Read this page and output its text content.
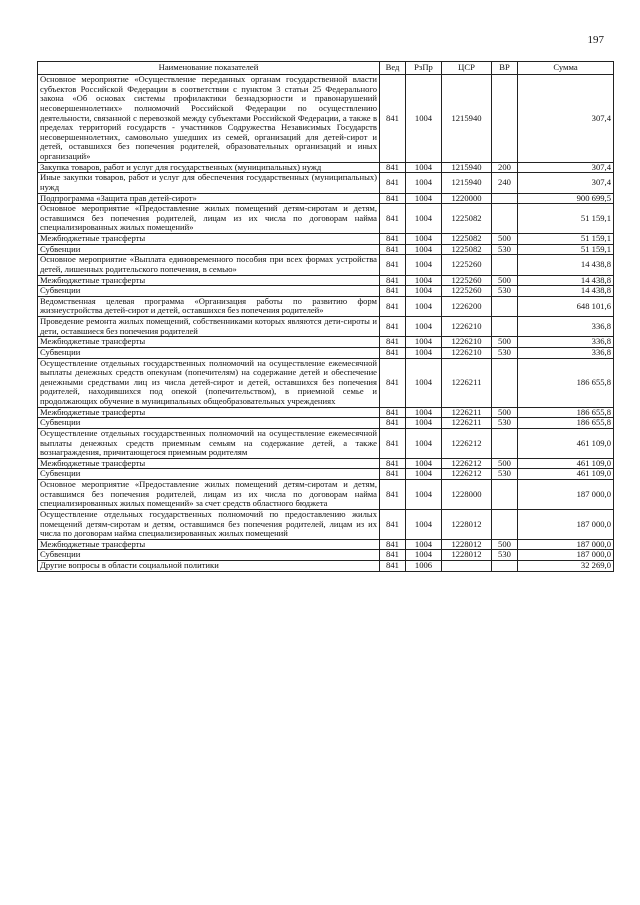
197
Наименование показателей	Вед	РзПр	ЦСР	ВР	Сумма
Основное мероприятие «Осуществление переданных органам государственной власти субъектов Российской Федерации в соответствии с пунктом 3 статьи 25 Федерального закона «Об основах системы профилактики безнадзорности и правонарушений несовершеннолетних» полномочий Российской Федерации по осуществлению деятельности, связанной с перевозкой между субъектами Российской Федерации, а также в пределах территорий государств - участников Содружества Независимых Государств несовершеннолетних, самовольно ушедших из семей, организаций для детей-сирот и детей, оставшихся без попечения родителей, образовательных организаций и иных организаций»	841	1004	1215940		307,4
Закупка товаров, работ и услуг для государственных (муниципальных) нужд	841	1004	1215940	200	307,4
Иные закупки товаров, работ и услуг для обеспечения государственных (муниципальных) нужд	841	1004	1215940	240	307,4
Подпрограмма «Защита прав детей-сирот»	841	1004	1220000		900 699,5
Основное мероприятие «Предоставление жилых помещений детям-сиротам и детям, оставшимся без попечения родителей, лицам из их числа по договорам найма специализированных жилых помещений»	841	1004	1225082		51 159,1
Межбюджетные трансферты	841	1004	1225082	500	51 159,1
Субвенции	841	1004	1225082	530	51 159,1
Основное мероприятие «Выплата единовременного пособия при всех формах устройства детей, лишенных родительского попечения, в семью»	841	1004	1225260		14 438,8
Межбюджетные трансферты	841	1004	1225260	500	14 438,8
Субвенции	841	1004	1225260	530	14 438,8
Ведомственная целевая программа «Организация работы по развитию форм жизнеустройства детей-сирот и детей, оставшихся без попечения родителей»	841	1004	1226200		648 101,6
Проведение ремонта жилых помещений, собственниками которых являются дети-сироты и дети, оставшиеся без попечения родителей	841	1004	1226210		336,8
Межбюджетные трансферты	841	1004	1226210	500	336,8
Субвенции	841	1004	1226210	530	336,8
Осуществление отдельных государственных полномочий на осуществление ежемесячной выплаты денежных средств опекунам (попечителям) на содержание детей и обеспечение денежными средствами лиц из числа детей-сирот и детей, оставшихся без попечения родителей, находившихся под опекой (попечительством), в приемной семье и продолжающих обучение в муниципальных общеобразовательных учреждениях	841	1004	1226211		186 655,8
Межбюджетные трансферты	841	1004	1226211	500	186 655,8
Субвенции	841	1004	1226211	530	186 655,8
Осуществление отдельных государственных полномочий на осуществление ежемесячной выплаты денежных средств приемным семьям на содержание детей, а также вознаграждения, причитающегося приемным родителям	841	1004	1226212		461 109,0
Межбюджетные трансферты	841	1004	1226212	500	461 109,0
Субвенции	841	1004	1226212	530	461 109,0
Основное мероприятие «Предоставление жилых помещений детям-сиротам и детям, оставшимся без попечения родителей, лицам из их числа по договорам найма специализированных жилых помещений» за счет средств областного бюджета	841	1004	1228000		187 000,0
Осуществление отдельных государственных полномочий по предоставлению жилых помещений детям-сиротам и детям, оставшимся без попечения родителей, лицам из их числа по договорам найма специализированных жилых помещений	841	1004	1228012		187 000,0
Межбюджетные трансферты	841	1004	1228012	500	187 000,0
Субвенции	841	1004	1228012	530	187 000,0
Другие вопросы в области социальной политики	841	1006			32 269,0
